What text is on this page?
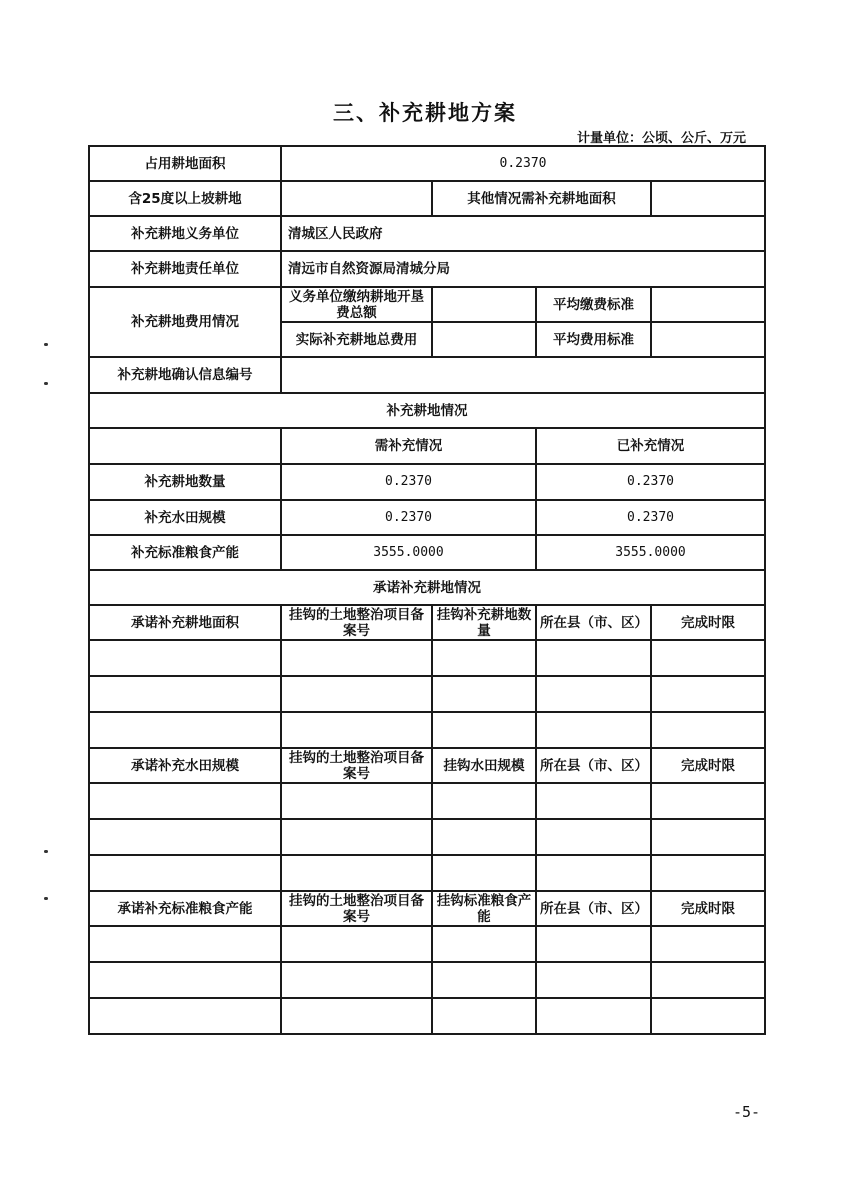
三、补充耕地方案
计量单位：公顷、公斤、万元
占用耕地面积	0.2370			
含25度以上坡耕地		其他情况需补充耕地面积		
补充耕地义务单位	清城区人民政府			
补充耕地责任单位	清远市自然资源局清城分局			
补充耕地费用情况	义务单位缴纳耕地开垦费总额		平均缴费标准	
	实际补充耕地总费用		平均费用标准	
补充耕地确认信息编号				
补充耕地情况				
	需补充情况		已补充情况	
补充耕地数量	0.2370		0.2370	
补充水田规模	0.2370		0.2370	
补充标准粮食产能	3555.0000		3555.0000	
承诺补充耕地情况				
承诺补充耕地面积	挂钩的土地整治项目备案号	挂钩补充耕地数量	所在县（市、区）	完成时限

承诺补充水田规模	挂钩的土地整治项目备案号	挂钩水田规模	所在县（市、区）	完成时限

承诺补充标准粮食产能	挂钩的土地整治项目备案号	挂钩标准粮食产能	所在县（市、区）	完成时限

-5-
